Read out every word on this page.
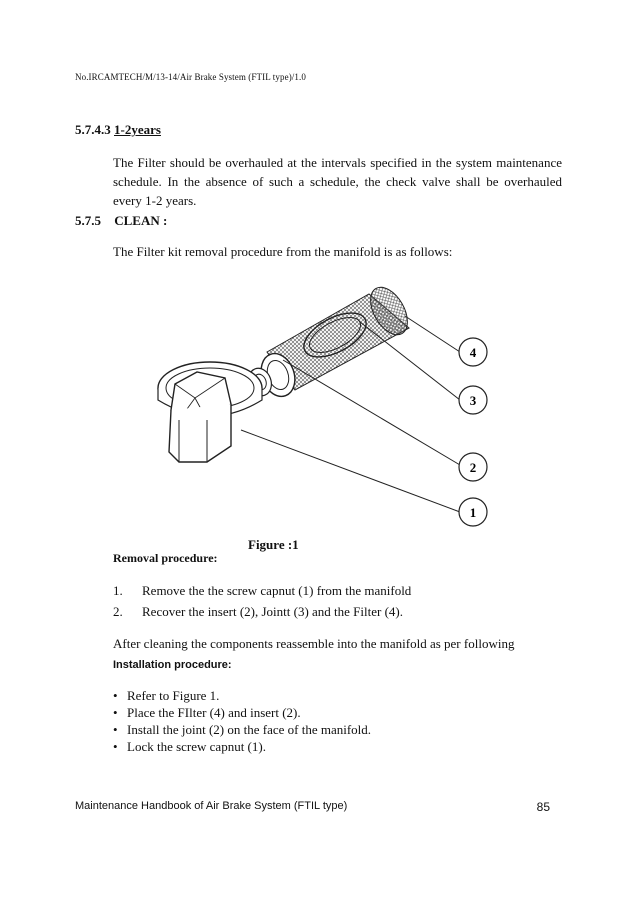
No.IRCAMTECH/M/13-14/Air Brake System (FTIL type)/1.0
5.7.4.3 1-2years
The Filter should be overhauled at the intervals specified in the system maintenance schedule. In the absence of such a schedule, the check valve shall be overhauled every 1-2 years.
5.7.5 CLEAN :
The Filter kit removal procedure from the manifold is as follows:
4
3
2
1
Figure :1
Removal procedure:
1. Remove the the screw capnut (1) from the manifold
2. Recover the insert (2), Jointt (3) and the Filter (4).
After cleaning the components reassemble into the manifold as per following
Installation procedure:
• Refer to Figure 1.
• Place the FIlter (4) and insert (2).
• Install the joint (2) on the face of the manifold.
• Lock the screw capnut (1).
Maintenance Handbook of Air Brake System (FTIL type)	85
